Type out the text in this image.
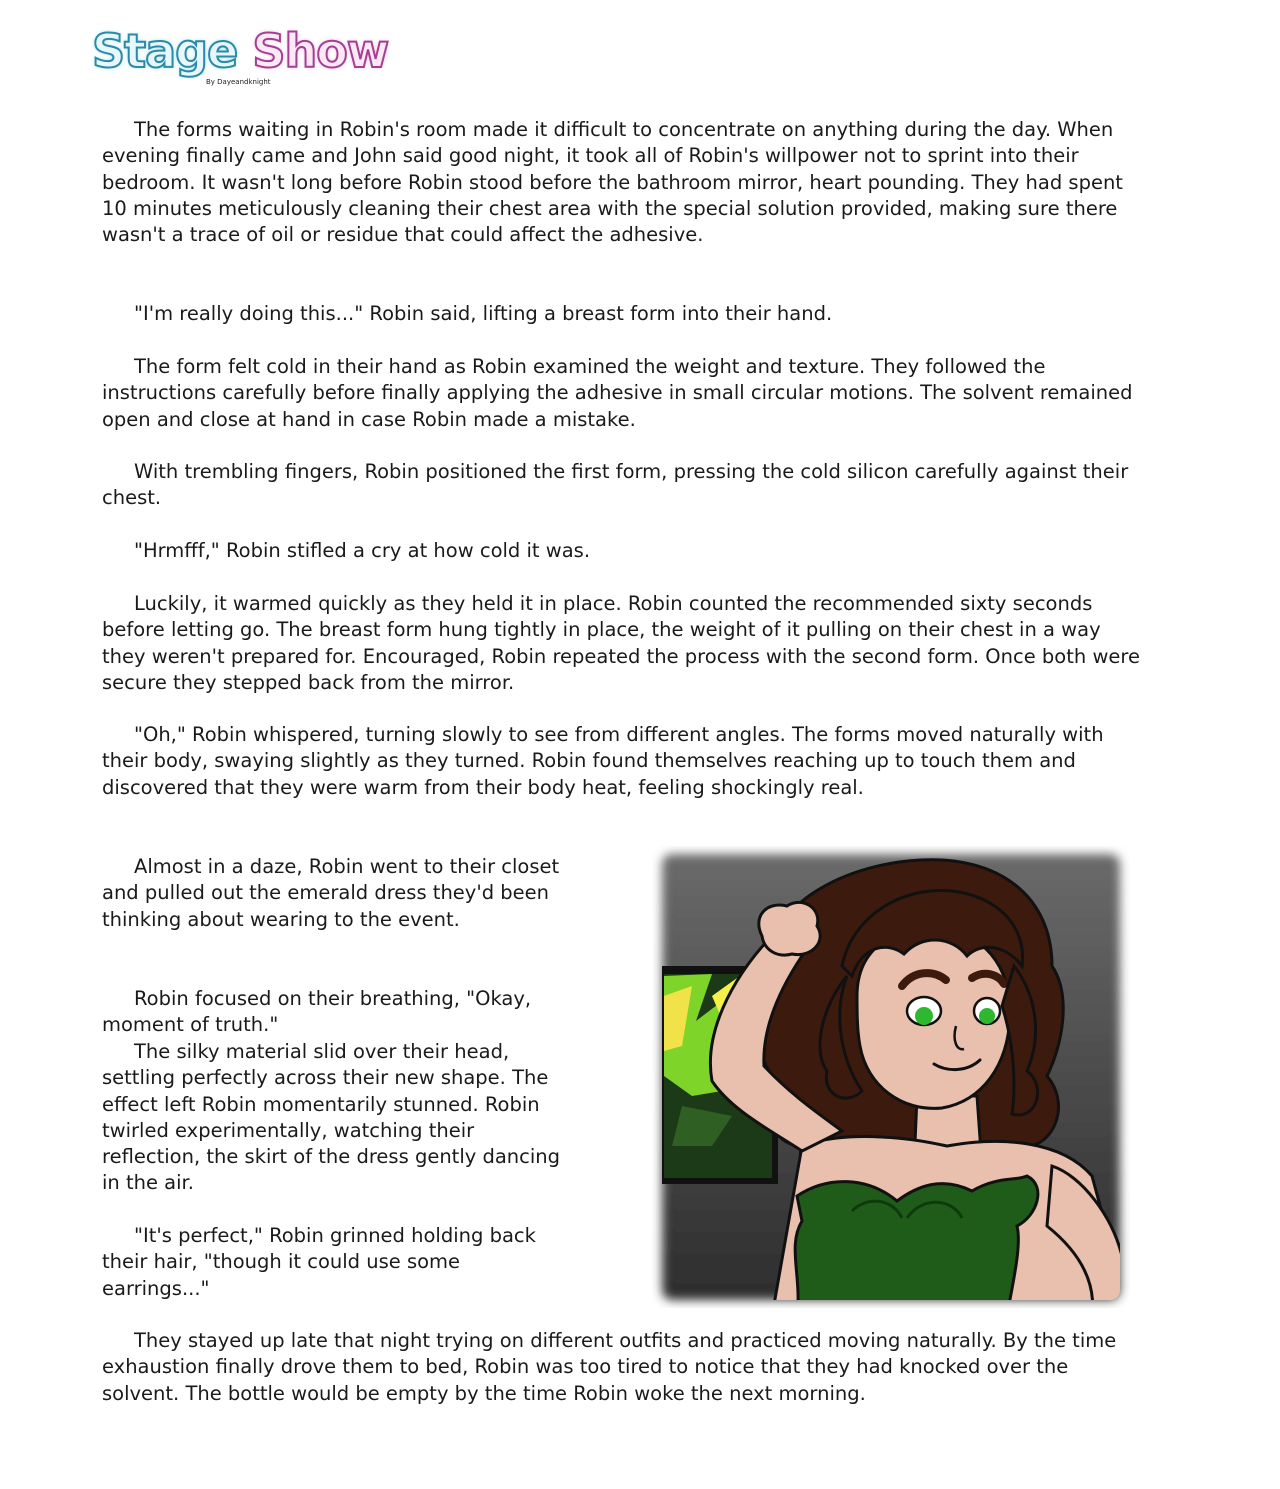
Stage Show
By Dayeandknight

The forms waiting in Robin's room made it difficult to concentrate on anything during the day. When evening finally came and John said good night, it took all of Robin's willpower not to sprint into their bedroom. It wasn't long before Robin stood before the bathroom mirror, heart pounding. They had spent 10 minutes meticulously cleaning their chest area with the special solution provided, making sure there wasn't a trace of oil or residue that could affect the adhesive.

"I'm really doing this..." Robin said, lifting a breast form into their hand.

The form felt cold in their hand as Robin examined the weight and texture. They followed the instructions carefully before finally applying the adhesive in small circular motions. The solvent remained open and close at hand in case Robin made a mistake.

With trembling fingers, Robin positioned the first form, pressing the cold silicon carefully against their chest.

"Hrmfff," Robin stifled a cry at how cold it was.

Luckily, it warmed quickly as they held it in place. Robin counted the recommended sixty seconds before letting go. The breast form hung tightly in place, the weight of it pulling on their chest in a way they weren't prepared for. Encouraged, Robin repeated the process with the second form. Once both were secure they stepped back from the mirror.

"Oh," Robin whispered, turning slowly to see from different angles. The forms moved naturally with their body, swaying slightly as they turned. Robin found themselves reaching up to touch them and discovered that they were warm from their body heat, feeling shockingly real.

Almost in a daze, Robin went to their closet and pulled out the emerald dress they'd been thinking about wearing to the event.

Robin focused on their breathing, "Okay, moment of truth."

The silky material slid over their head, settling perfectly across their new shape. The effect left Robin momentarily stunned. Robin twirled experimentally, watching their reflection, the skirt of the dress gently dancing in the air.

"It's perfect," Robin grinned holding back their hair, "though it could use some earrings..."

They stayed up late that night trying on different outfits and practiced moving naturally. By the time exhaustion finally drove them to bed, Robin was too tired to notice that they had knocked over the solvent. The bottle would be empty by the time Robin woke the next morning.
